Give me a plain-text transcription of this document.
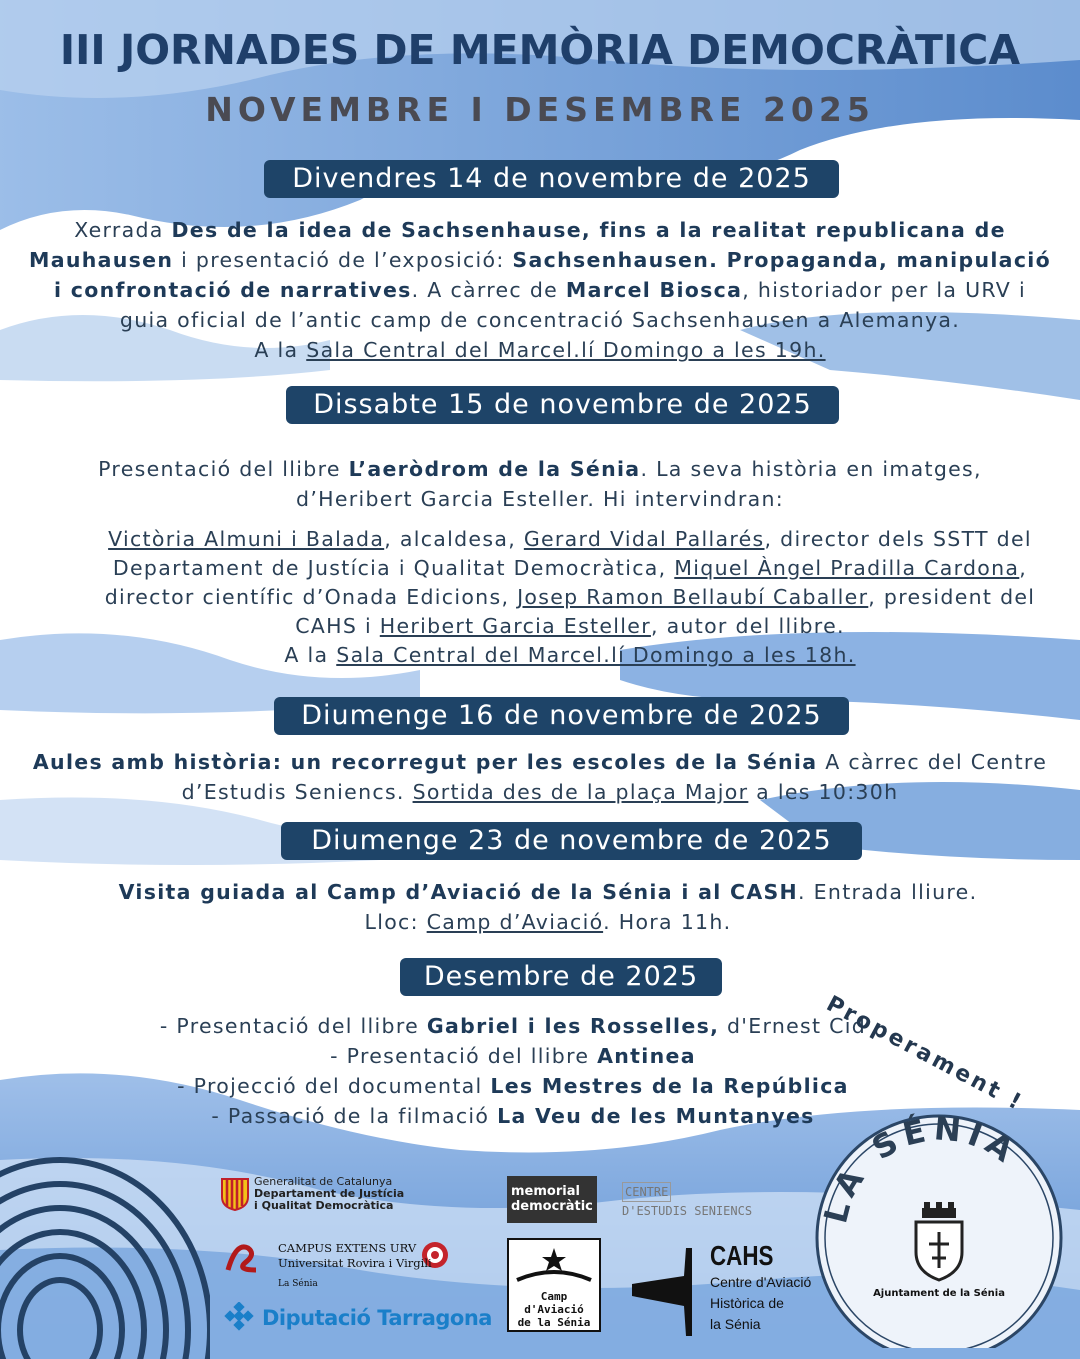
III JORNADES DE MEMÒRIA DEMOCRÀTICA
NOVEMBRE I DESEMBRE 2025
Divendres 14 de novembre de 2025
Xerrada Des de la idea de Sachsenhause, fins a la realitat republicana de
Mauhausen i presentació de l’exposició: Sachsenhausen. Propaganda, manipulació
i confrontació de narratives. A càrrec de Marcel Biosca, historiador per la URV i
guia oficial de l’antic camp de concentració Sachsenhausen a Alemanya.
A la Sala Central del Marcel.lí Domingo a les 19h.
Dissabte 15 de novembre de 2025
Presentació del llibre L’aeròdrom de la Sénia. La seva història en imatges,
d’Heribert Garcia Esteller. Hi intervindran:
Victòria Almuni i Balada, alcaldesa, Gerard Vidal Pallarés, director dels SSTT del
Departament de Justícia i Qualitat Democràtica, Miquel Àngel Pradilla Cardona,
director científic d’Onada Edicions, Josep Ramon Bellaubí Caballer, president del
CAHS i Heribert Garcia Esteller, autor del llibre.
A la Sala Central del Marcel.lí Domingo a les 18h.
Diumenge 16 de novembre de 2025
Aules amb història: un recorregut per les escoles de la Sénia A càrrec del Centre
d’Estudis Seniencs. Sortida des de la plaça Major a les 10:30h
Diumenge 23 de novembre de 2025
Visita guiada al Camp d’Aviació de la Sénia i al CASH. Entrada lliure.
Lloc: Camp d’Aviació. Hora 11h.
Desembre de 2025
- Presentació del llibre Gabriel i les Rosselles, d'Ernest Cid
- Presentació del llibre Antinea
- Projecció del documental Les Mestres de la República
- Passació de la filmació La Veu de les Muntanyes Properament !
LA SÉNIA
Ajuntament de la Sénia
Generalitat de Catalunya
Departament de Justícia
i Qualitat Democràtica
memorial
democràtic
CENTRE
D'ESTUDIS SENIENCS
CAMPUS EXTENS URV
Universitat Rovira i Virgili
La Sénia
Diputació Tarragona
Camp
d'Aviació
de la Sénia
CAHS
Centre d'Aviació
Històrica de
la Sénia
